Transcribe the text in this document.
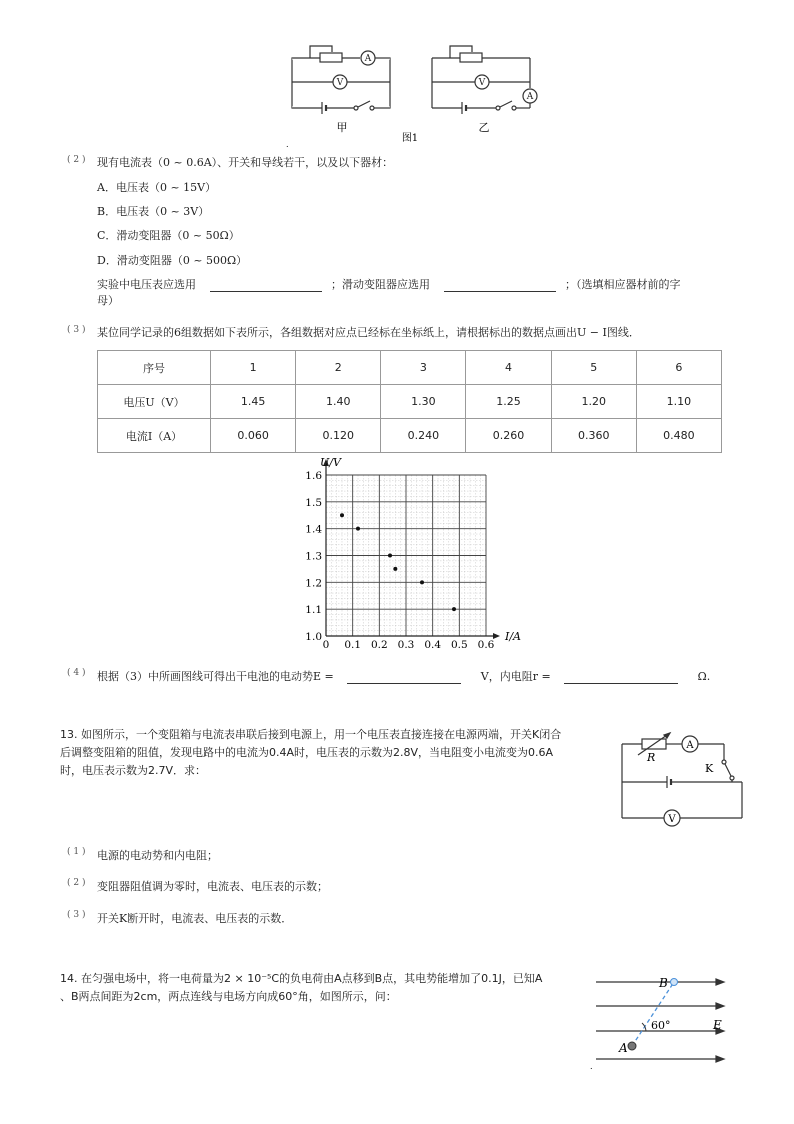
A
V	V
A
甲	乙
图1
.
( 2 ) 现有电流表（0 ~ 0.6A）、开关和导线若干，以及以下器材：
A．电压表（0 ~ 15V）
B．电压表（0 ~ 3V）
C．滑动变阻器（0 ~ 50Ω）
D．滑动变阻器（0 ~ 500Ω）
实验中电压表应选用	；滑动变阻器应选用	；（选填相应器材前的字
母）
( 3 ) 某位同学记录的6组数据如下表所示，各组数据对应点已经标在坐标纸上，请根据标出的数据点画出U − I图线．
序号	1	2	3	4	5	6
电压U（V）	1.45	1.40	1.30	1.25	1.20	1.10
电流I（A）	0.060	0.120	0.240	0.260	0.360	0.480
0 0.1 0.2 0.3 0.4 0.5 0.6
1.0
1.1
1.2
1.3
1.4
1.5
1.6
U/V
I/A
( 4 ) 根据（3）中所画图线可得出干电池的电动势E =	V，内电阻r =	Ω.
13. 如图所示，一个变阻箱与电流表串联后接到电源上，用一个电压表直接连接在电源两端，开关K闭合
后调整变阻箱的阻值，发现电路中的电流为0.4A时，电压表的示数为2.8V，当电阻变小电流变为0.6A
时，电压表示数为2.7V．求：
R
A
K
V
( 1 ) 电源的电动势和内电阻；
( 2 ) 变阻器阻值调为零时，电流表、电压表的示数；
( 3 ) 开关K断开时，电流表、电压表的示数．
14. 在匀强电场中，将一电荷量为2 × 10⁻⁵C的负电荷由A点移到B点，其电势能增加了0.1J，已知A
、B两点间距为2cm，两点连线与电场方向成60°角，如图所示，问：
A
B
E
60°
.
